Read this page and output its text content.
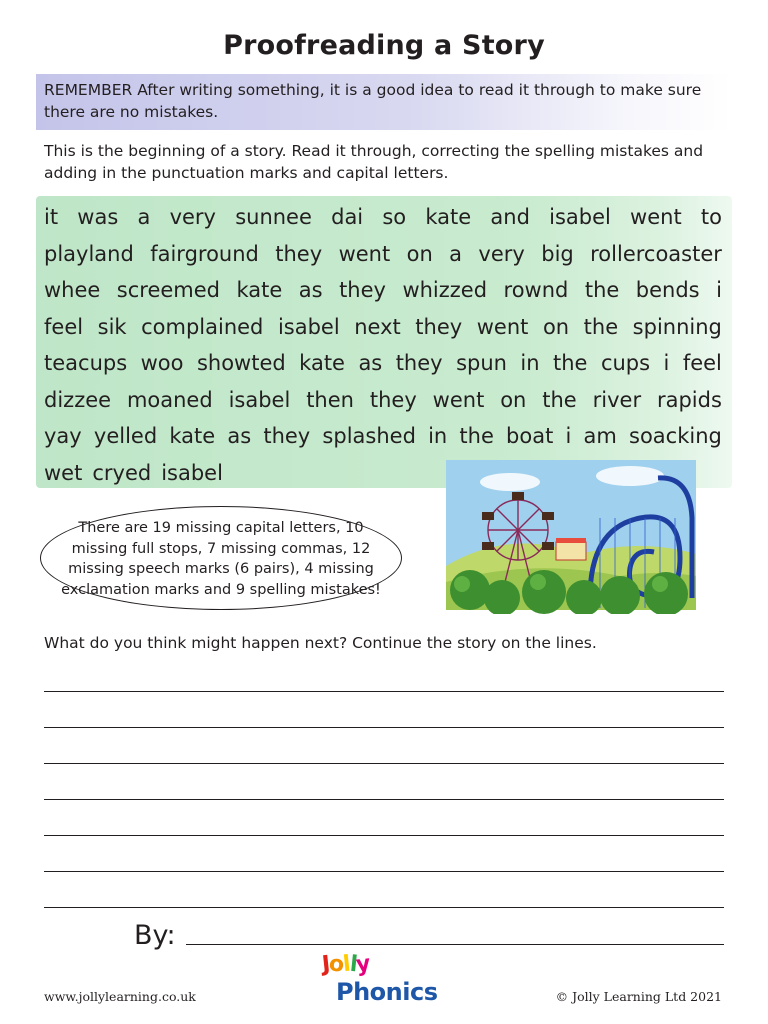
Proofreading a Story
REMEMBER After writing something, it is a good idea to read it through to make sure there are no mistakes.
This is the beginning of a story. Read it through, correcting the spelling mistakes and adding in the punctuation marks and capital letters.
it was a very sunnee dai so kate and isabel went to
playland fairground they went on a very big rollercoaster
whee screemed kate as they whizzed rownd the bends i
feel sik complained isabel next they went on the spinning
teacups woo showted kate as they spun in the cups i feel
dizzee moaned isabel then they went on the river rapids
yay yelled kate as they splashed in the boat i am soacking
wet cryed isabel
There are 19 missing capital letters, 10 missing full stops, 7 missing commas, 12 missing speech marks (6 pairs), 4 missing exclamation marks and 9 spelling mistakes!
What do you think might happen next? Continue the story on the lines.
By:
www.jollylearning.co.uk
Jolly
Phonics	© Jolly Learning Ltd 2021
